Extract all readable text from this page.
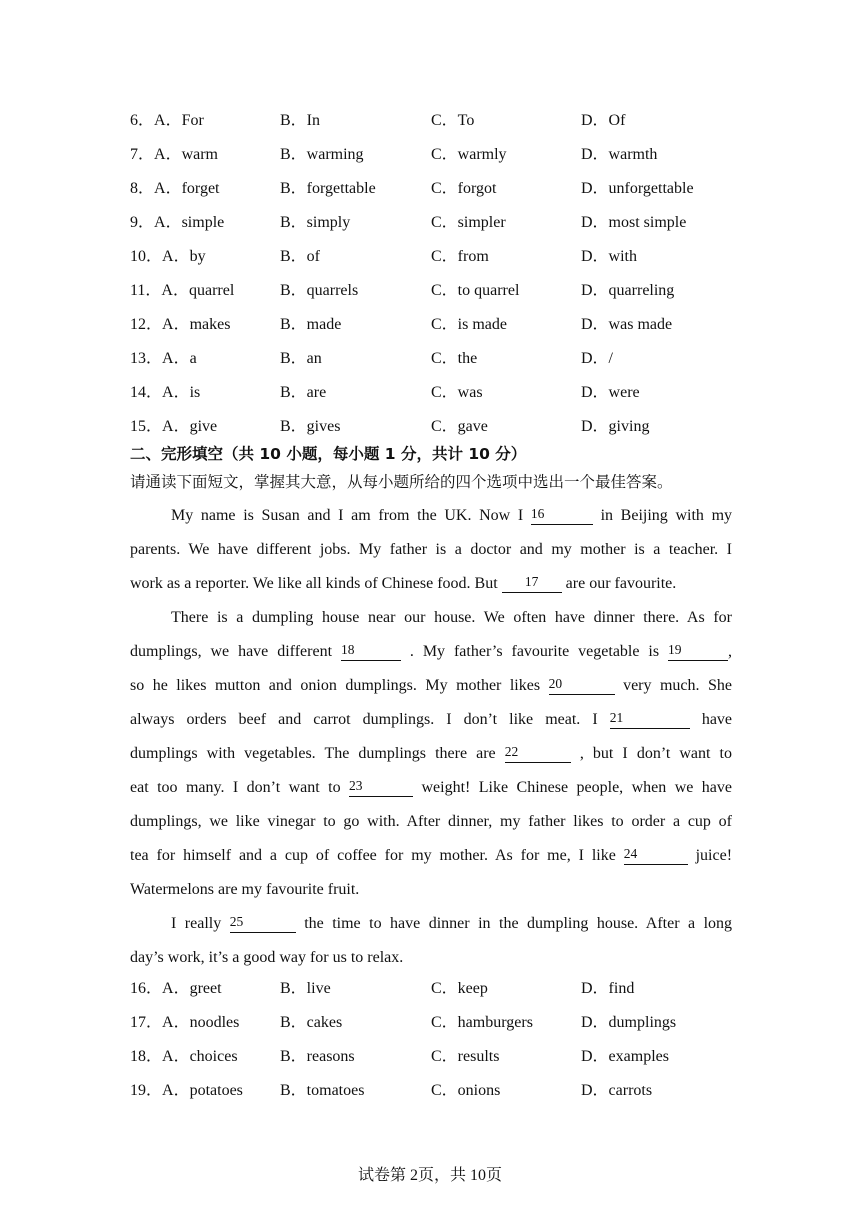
6．A．For	B．In	C．To	D．Of
7．A．warm	B．warming	C．warmly	D．warmth
8．A．forget	B．forgettable	C．forgot	D．unforgettable
9．A．simple	B．simply	C．simpler	D．most simple
10．A．by	B．of	C．from	D．with
11．A．quarrel	B．quarrels	C．to quarrel	D．quarreling
12．A．makes	B．made	C．is made	D．was made
13．A．a	B．an	C．the	D．/
14．A．is	B．are	C．was	D．were
15．A．give	B．gives	C．gave	D．giving
二、完形填空（共 10 小题，每小题 1 分，共计 10 分）
请通读下面短文，掌握其大意，从每小题所给的四个选项中选出一个最佳答案。
My name is Susan and I am from the UK. Now I 16	in Beijing with my
parents. We have different jobs. My father is a doctor and my mother is a teacher. I
work as a reporter. We like all kinds of Chinese food. But 17 are our favourite.
There is a dumpling house near our house. We often have dinner there. As for
dumplings, we have different 18	. My father’s favourite vegetable is 19	,
so he likes mutton and onion dumplings. My mother likes 20	very much. She
always orders beef and carrot dumplings. I don’t like meat. I 21	have
dumplings with vegetables. The dumplings there are 22	, but I don’t want to
eat too many. I don’t want to 23	weight! Like Chinese people, when we have
dumplings, we like vinegar to go with. After dinner, my father likes to order a cup of
tea for himself and a cup of coffee for my mother. As for me, I like 24	juice!
Watermelons are my favourite fruit.
I really 25	the time to have dinner in the dumpling house. After a long
day’s work, it’s a good way for us to relax.
16．A．greet	B．live	C．keep	D．find
17．A．noodles	B．cakes	C．hamburgers	D．dumplings
18．A．choices	B．reasons	C．results	D．examples
19．A．potatoes B．tomatoes	C．onions	D．carrots
试卷第 2页，共 10页
